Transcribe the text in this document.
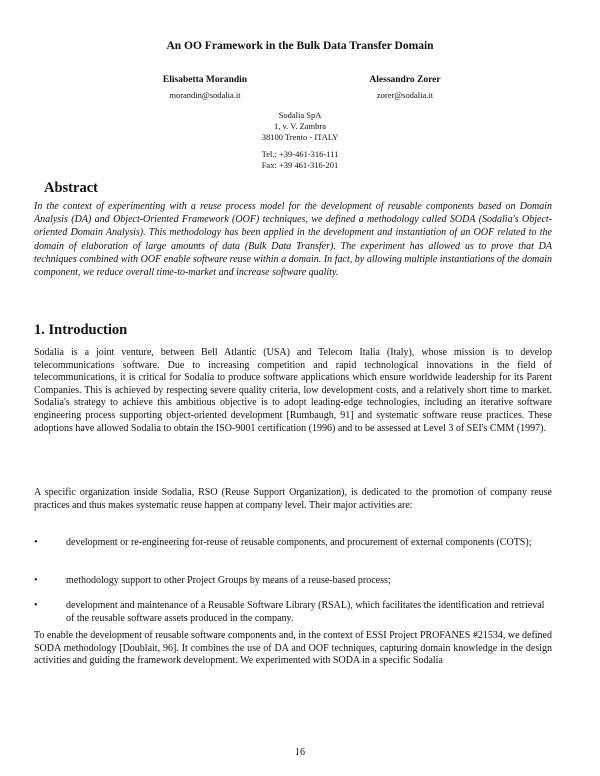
An OO Framework in the Bulk Data Transfer Domain
Elisabetta Morandin
morandin@sodalia.it
Alessandro Zorer
zorer@sodalia.it
Sodalia SpA
1, v. V. Zambra
38100 Trento - ITALY
Tel.: +39-461-316-111
Fax: +39 461-316-201
Abstract
In the context of experimenting with a reuse process model for the development of reusable components based on Domain Analysis (DA) and Object-Oriented Framework (OOF) techniques, we defined a methodology called SODA (Sodalia's Object-oriented Domain Analysis). This methodology has been applied in the development and instantiation of an OOF related to the domain of elaboration of large amounts of data (Bulk Data Transfer). The experiment has allowed us to prove that DA techniques combined with OOF enable software reuse within a domain. In fact, by allowing multiple instantiations of the domain component, we reduce overall time-to-market and increase software quality.
1. Introduction
Sodalia is a joint venture, between Bell Atlantic (USA) and Telecom Italia (Italy), whose mission is to develop telecommunications software. Due to increasing competition and rapid technological innovations in the field of telecommunications, it is critical for Sodalia to produce software applications which ensure worldwide leadership for its Parent Companies. This is achieved by respecting severe quality criteria, low development costs, and a relatively short time to market. Sodalia's strategy to achieve this ambitious objective is to adopt leading-edge technologies, including an iterative software engineering process supporting object-oriented development [Rumbaugh, 91] and systematic software reuse practices. These adoptions have allowed Sodalia to obtain the ISO-9001 certification (1996) and to be assessed at Level 3 of SEI's CMM (1997).
A specific organization inside Sodalia, RSO (Reuse Support Organization), is dedicated to the promotion of company reuse practices and thus makes systematic reuse happen at company level. Their major activities are:
• development or re-engineering for-reuse of reusable components, and procurement of external components (COTS);
• methodology support to other Project Groups by means of a reuse-based process;
• development and maintenance of a Reusable Software Library (RSAL), which facilitates the identification and retrieval of the reusable software assets produced in the company.
To enable the development of reusable software components and, in the context of ESSI Project PROFANES #21534, we defined SODA methodology [Doublait, 96]. It combines the use of DA and OOF techniques, capturing domain knowledge in the design activities and guiding the framework development. We experimented with SODA in a specific Sodalia
16
